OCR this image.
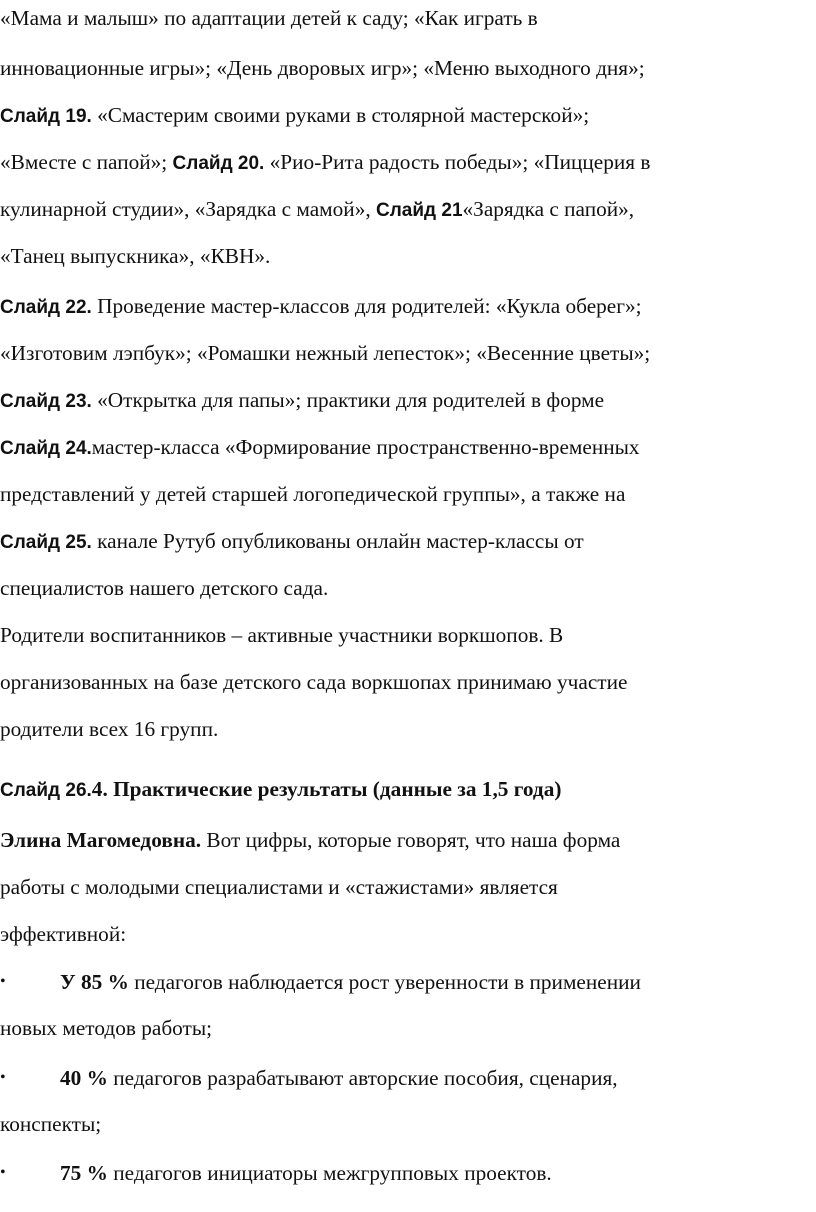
«Мама и малыш» по адаптации детей к саду; «Как играть в
инновационные игры»; «День дворовых игр»; «Меню выходного дня»;
Слайд 19. «Смастерим своими руками в столярной мастерской»;
«Вместе с папой»; Слайд 20. «Рио-Рита радость победы»; «Пиццерия в
кулинарной студии», «Зарядка с мамой», Слайд 21«Зарядка с папой»,
«Танец выпускника», «КВН».
Слайд 22. Проведение мастер-классов для родителей: «Кукла оберег»;
«Изготовим лэпбук»; «Ромашки нежный лепесток»; «Весенние цветы»;
Слайд 23. «Открытка для папы»; практики для родителей в форме
Слайд 24.мастер-класса «Формирование пространственно-временных
представлений у детей старшей логопедической группы», а также на
Слайд 25. канале Рутуб опубликованы онлайн мастер-классы от
специалистов нашего детского сада.
Родители воспитанников – активные участники воркшопов. В
организованных на базе детского сада воркшопах принимаю участие
родители всех 16 групп.
Слайд 26.4. Практические результаты (данные за 1,5 года)
Элина Магомедовна. Вот цифры, которые говорят, что наша форма
работы с молодыми специалистами и «стажистами» является
эффективной:
•	У 85 % педагогов наблюдается рост уверенности в применении
новых методов работы;
•	40 % педагогов разрабатывают авторские пособия, сценария,
конспекты;
•	75 % педагогов инициаторы межгрупповых проектов.
